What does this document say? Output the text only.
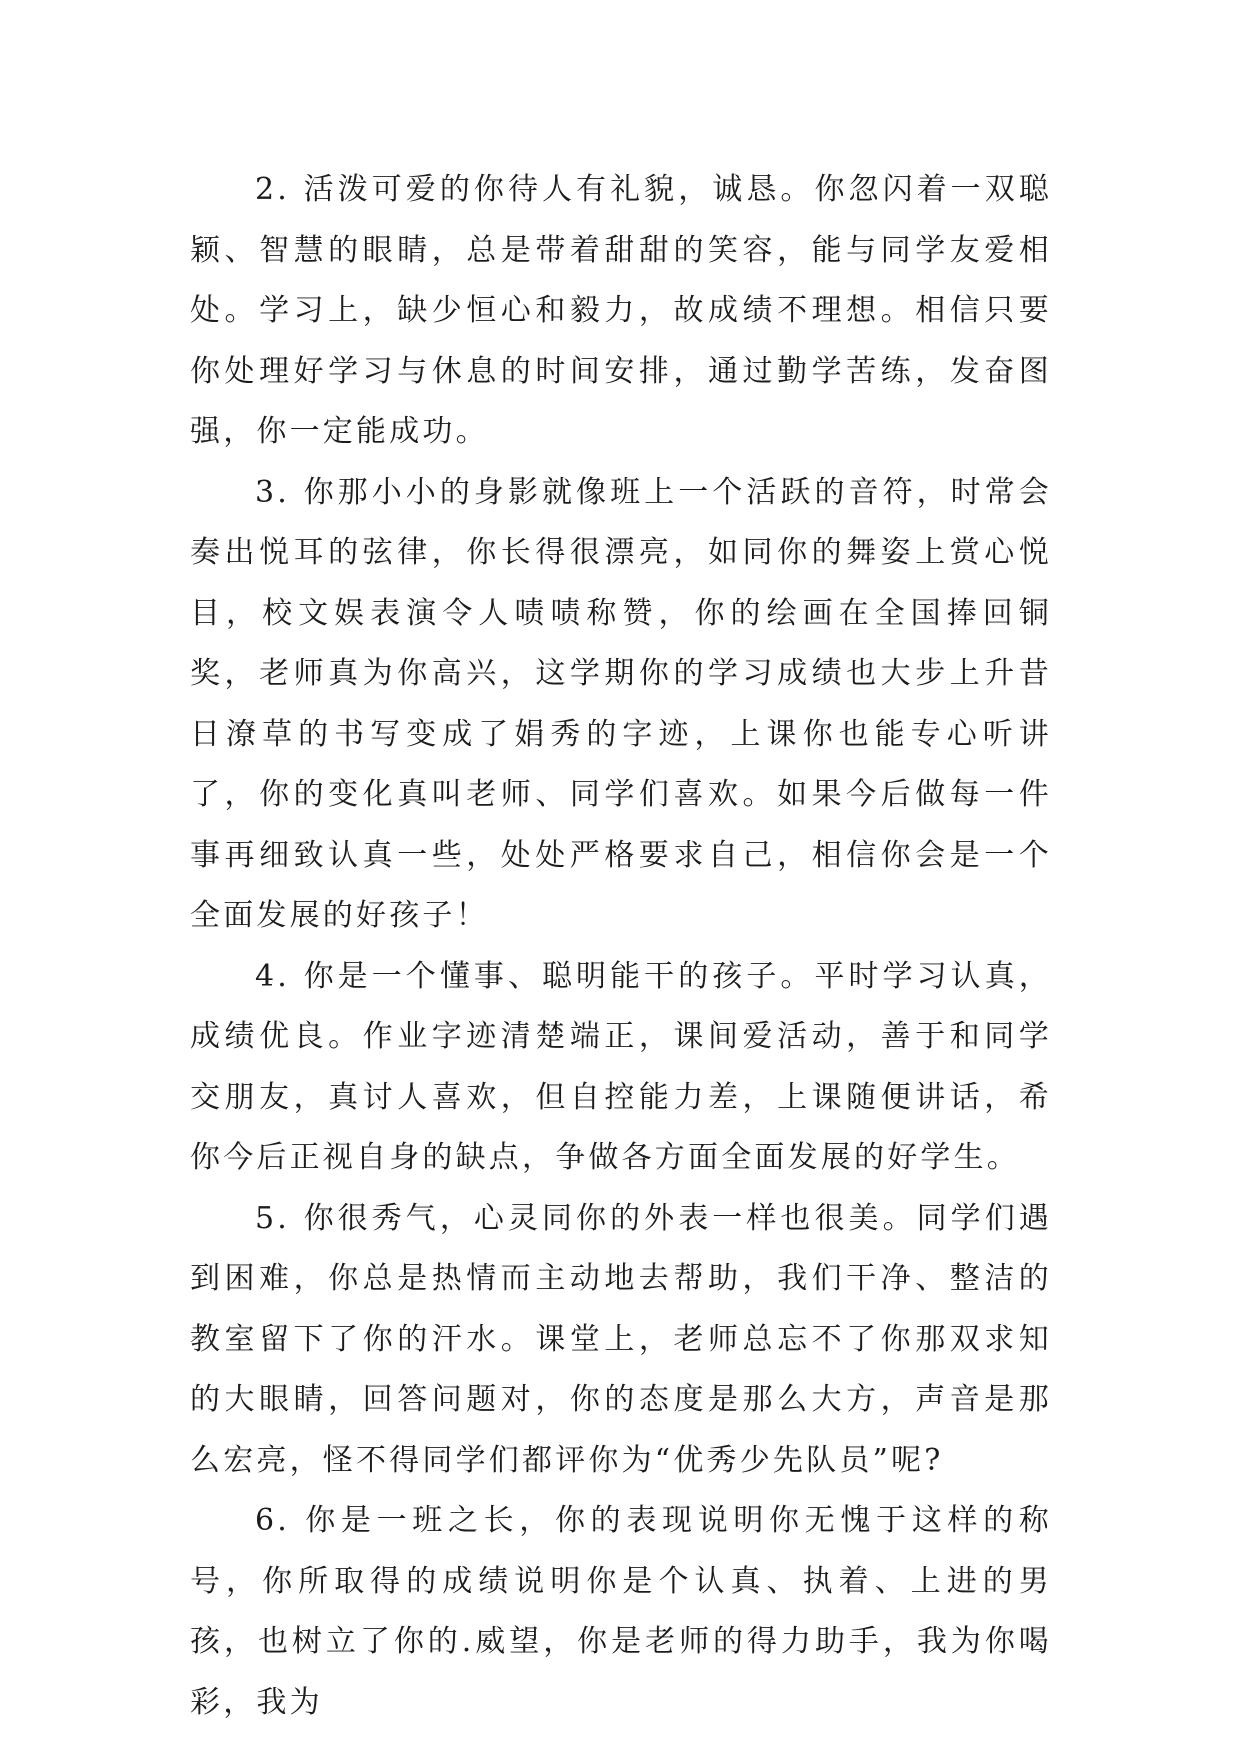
2. 活泼可爱的你待人有礼貌，诚恳。你忽闪着一双聪颖、智慧的眼睛，总是带着甜甜的笑容，能与同学友爱相处。学习上，缺少恒心和毅力，故成绩不理想。相信只要你处理好学习与休息的时间安排，通过勤学苦练，发奋图强，你一定能成功。

3. 你那小小的身影就像班上一个活跃的音符，时常会奏出悦耳的弦律，你长得很漂亮，如同你的舞姿上赏心悦目，校文娱表演令人啧啧称赞，你的绘画在全国捧回铜奖，老师真为你高兴，这学期你的学习成绩也大步上升昔日潦草的书写变成了娟秀的字迹，上课你也能专心听讲了，你的变化真叫老师、同学们喜欢。如果今后做每一件事再细致认真一些，处处严格要求自己，相信你会是一个全面发展的好孩子！

4. 你是一个懂事、聪明能干的孩子。平时学习认真，成绩优良。作业字迹清楚端正，课间爱活动，善于和同学交朋友，真讨人喜欢，但自控能力差，上课随便讲话，希你今后正视自身的缺点，争做各方面全面发展的好学生。

5. 你很秀气，心灵同你的外表一样也很美。同学们遇到困难，你总是热情而主动地去帮助，我们干净、整洁的教室留下了你的汗水。课堂上，老师总忘不了你那双求知的大眼睛，回答问题对，你的态度是那么大方，声音是那么宏亮，怪不得同学们都评你为“优秀少先队员”呢?

6. 你是一班之长，你的表现说明你无愧于这样的称号，你所取得的成绩说明你是个认真、执着、上进的男孩，也树立了你的.威望，你是老师的得力助手，我为你喝彩，我为
